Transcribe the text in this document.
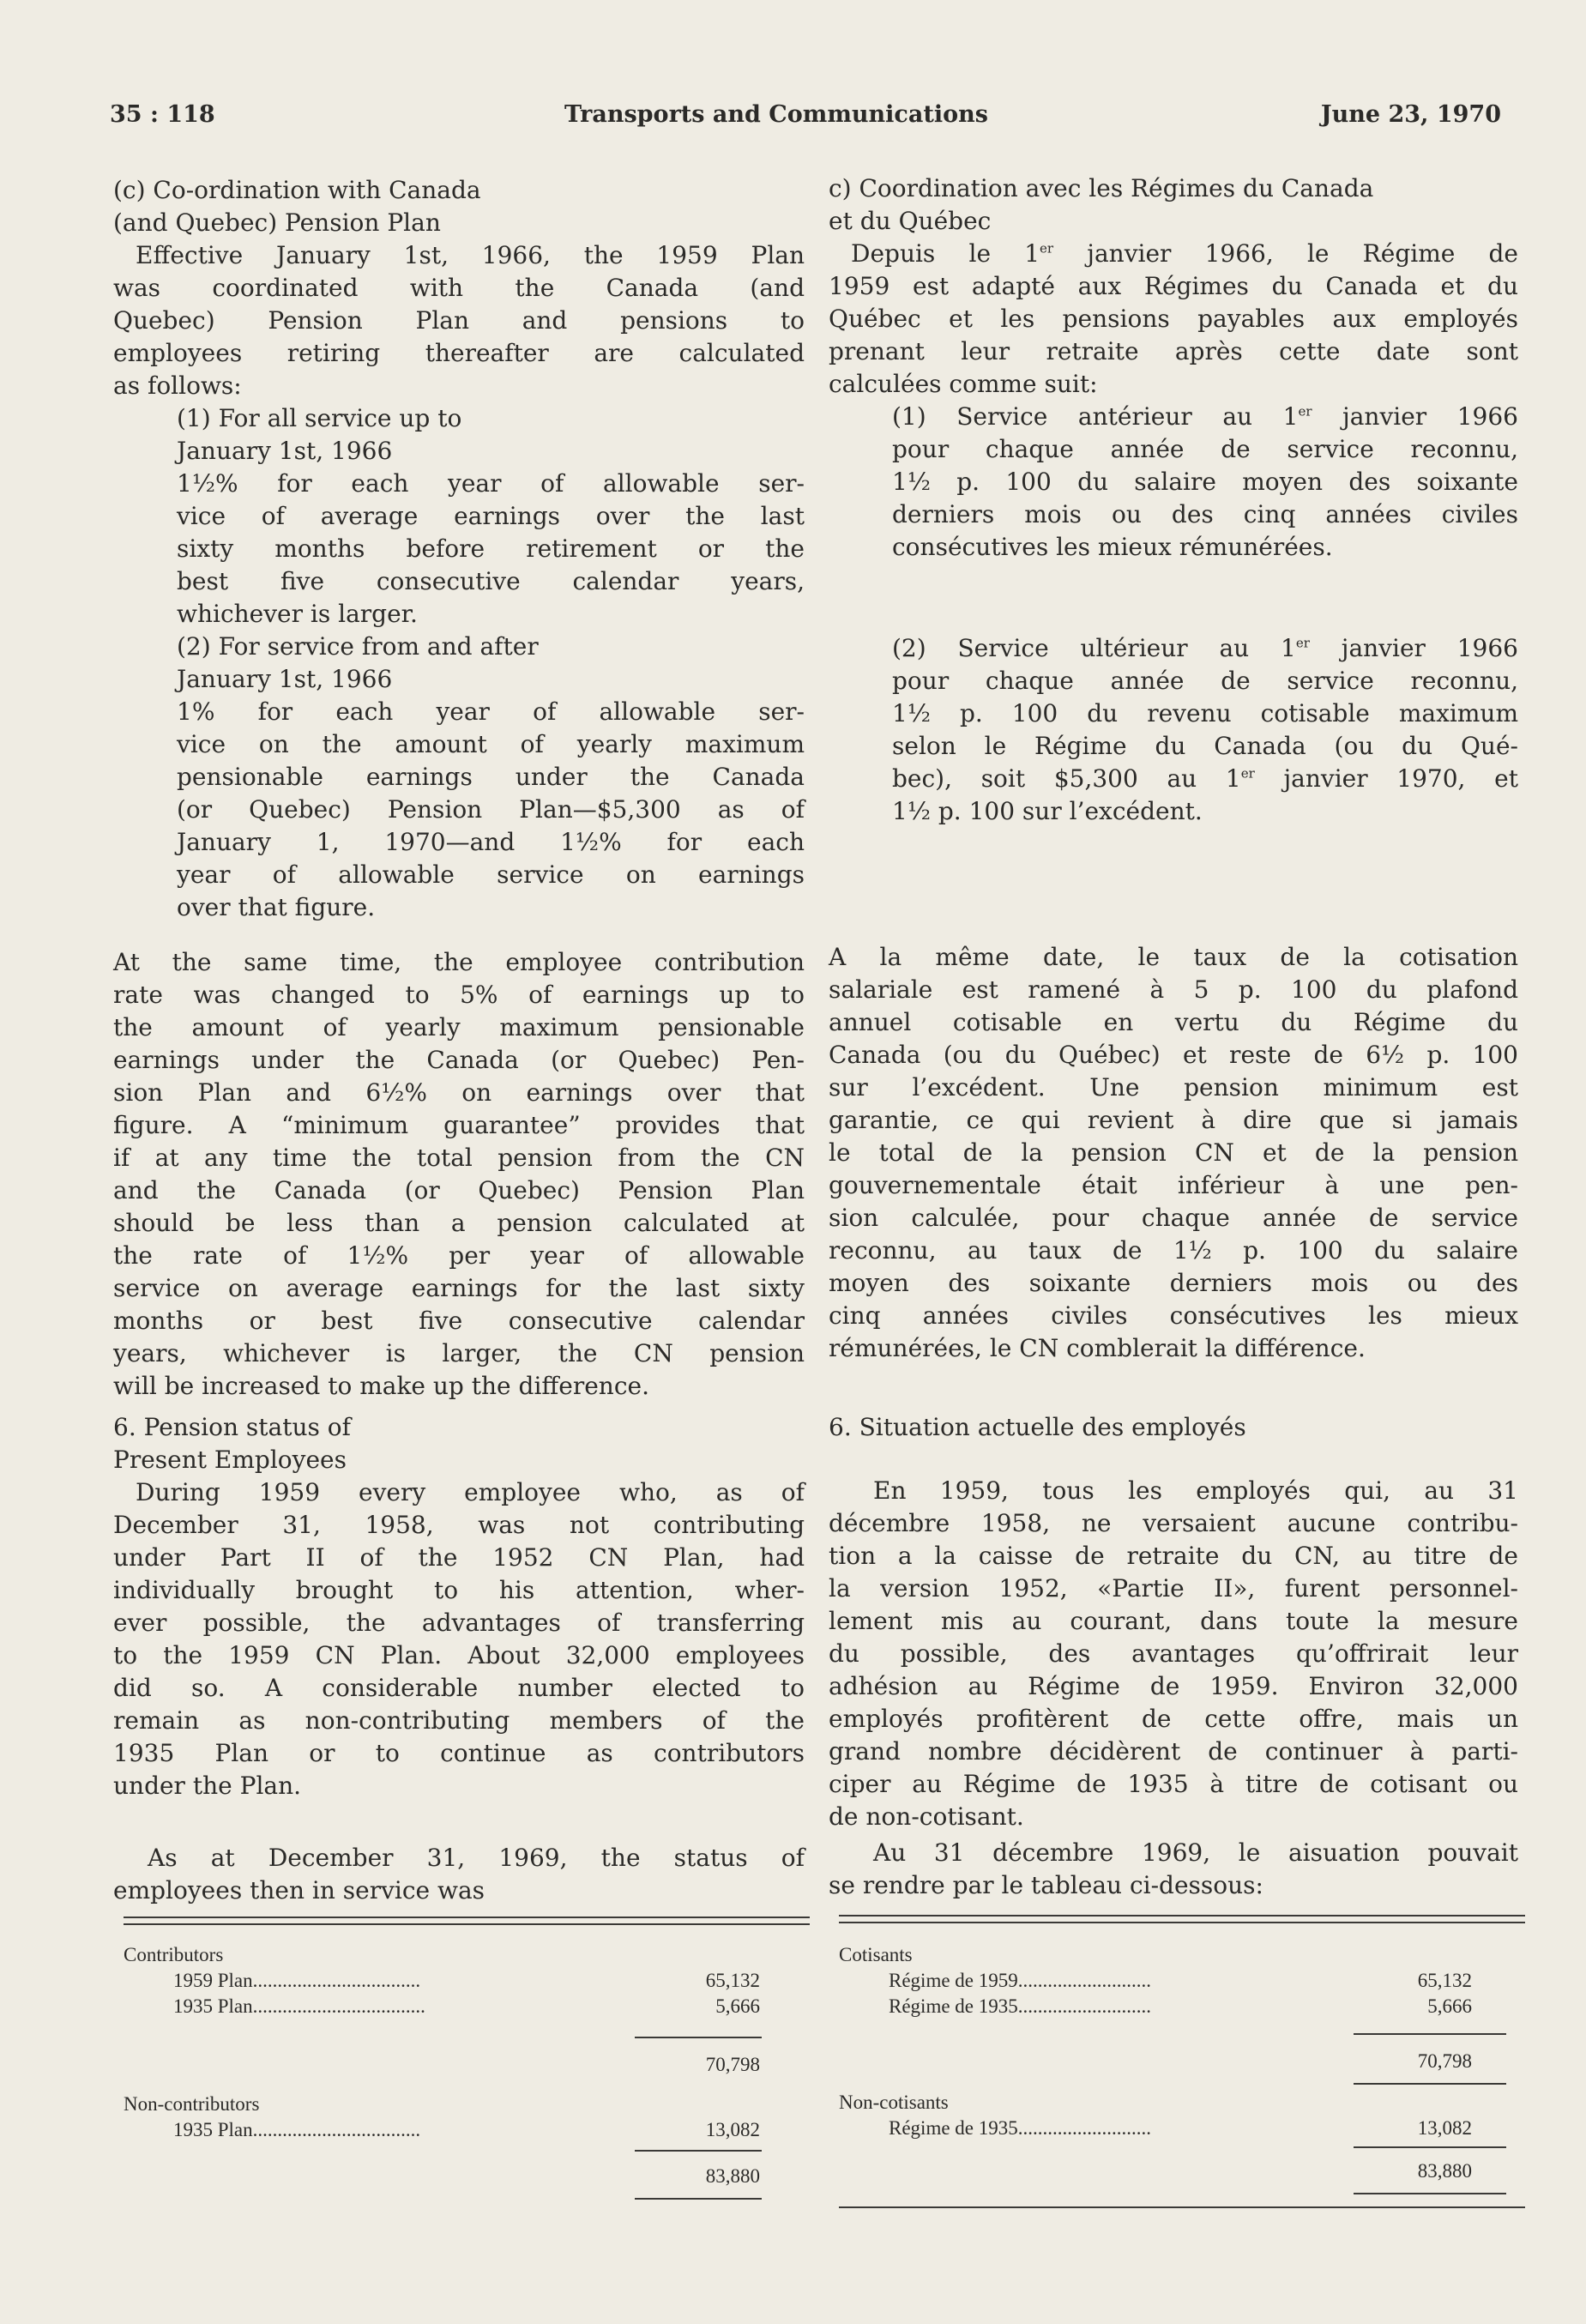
35 : 118	Transports and Communications	June 23, 1970
(c) Co-ordination with Canada
(and Quebec) Pension Plan
Effective January 1st, 1966, the 1959 Plan
was coordinated with the Canada (and
Quebec) Pension Plan and pensions to
employees retiring thereafter are calculated
as follows:
(1) For all service up to
January 1st, 1966
1½% for each year of allowable ser-
vice of average earnings over the last
sixty months before retirement or the
best five consecutive calendar years,
whichever is larger.
(2) For service from and after
January 1st, 1966
1% for each year of allowable ser-
vice on the amount of yearly maximum
pensionable earnings under the Canada
(or Quebec) Pension Plan—$5,300 as of
January 1, 1970—and 1½% for each
year of allowable service on earnings
over that figure.
At the same time, the employee contribution
rate was changed to 5% of earnings up to
the amount of yearly maximum pensionable
earnings under the Canada (or Quebec) Pen-
sion Plan and 6½% on earnings over that
figure. A “minimum guarantee” provides that
if at any time the total pension from the CN
and the Canada (or Quebec) Pension Plan
should be less than a pension calculated at
the rate of 1½% per year of allowable
service on average earnings for the last sixty
months or best five consecutive calendar
years, whichever is larger, the CN pension
will be increased to make up the difference.
6. Pension status of
Present Employees
During 1959 every employee who, as of
December 31, 1958, was not contributing
under Part II of the 1952 CN Plan, had
individually brought to his attention, wher-
ever possible, the advantages of transferring
to the 1959 CN Plan. About 32,000 employees
did so. A considerable number elected to
remain as non-contributing members of the
1935 Plan or to continue as contributors
under the Plan.
As at December 31, 1969, the status of
employees then in service was
Contributors
1959 Plan..................................	65,132
1935 Plan...................................	5,666
70,798
Non-contributors
1935 Plan..................................	13,082
83,880
c) Coordination avec les Régimes du Canada
et du Québec
Depuis le 1er janvier 1966, le Régime de
1959 est adapté aux Régimes du Canada et du
Québec et les pensions payables aux employés
prenant leur retraite après cette date sont
calculées comme suit:
(1) Service antérieur au 1er janvier 1966
pour chaque année de service reconnu,
1½ p. 100 du salaire moyen des soixante
derniers mois ou des cinq années civiles
consécutives les mieux rémunérées.
(2) Service ultérieur au 1er janvier 1966
pour chaque année de service reconnu,
1½ p. 100 du revenu cotisable maximum
selon le Régime du Canada (ou du Qué-
bec), soit $5,300 au 1er janvier 1970, et
1½ p. 100 sur l’excédent.
A la même date, le taux de la cotisation
salariale est ramené à 5 p. 100 du plafond
annuel cotisable en vertu du Régime du
Canada (ou du Québec) et reste de 6½ p. 100
sur l’excédent. Une pension minimum est
garantie, ce qui revient à dire que si jamais
le total de la pension CN et de la pension
gouvernementale était inférieur à une pen-
sion calculée, pour chaque année de service
reconnu, au taux de 1½ p. 100 du salaire
moyen des soixante derniers mois ou des
cinq années civiles consécutives les mieux
rémunérées, le CN comblerait la différence.
6. Situation actuelle des employés
En 1959, tous les employés qui, au 31
décembre 1958, ne versaient aucune contribu-
tion a la caisse de retraite du CN, au titre de
la version 1952, «Partie II», furent personnel-
lement mis au courant, dans toute la mesure
du possible, des avantages qu’offrirait leur
adhésion au Régime de 1959. Environ 32,000
employés profitèrent de cette offre, mais un
grand nombre décidèrent de continuer à parti-
ciper au Régime de 1935 à titre de cotisant ou
de non-cotisant.
Au 31 décembre 1969, le aisuation pouvait
se rendre par le tableau ci-dessous:
Cotisants
Régime de 1959...........................	65,132
Régime de 1935...........................	5,666
70,798
Non-cotisants
Régime de 1935...........................	13,082
83,880
